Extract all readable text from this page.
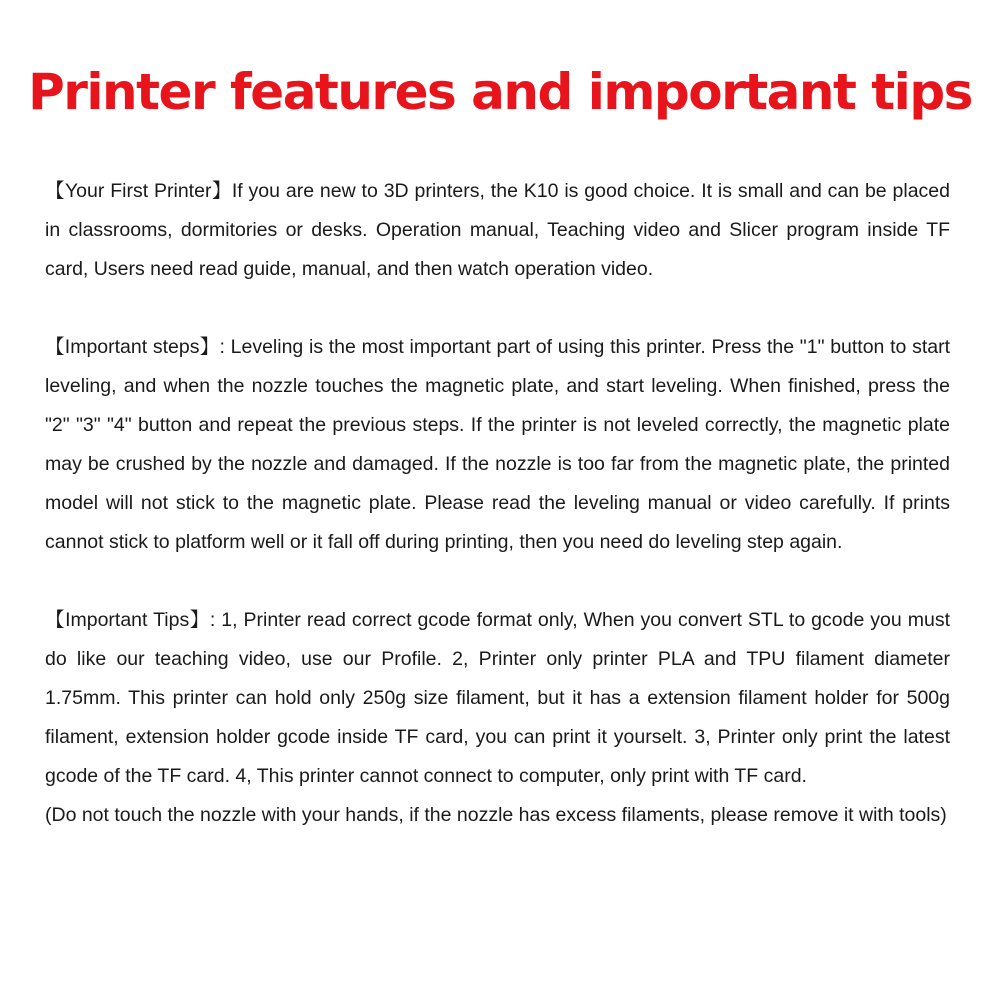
Printer features and important tips

【Your First Printer】If you are new to 3D printers, the K10 is good choice. It is small and can be placed in classrooms, dormitories or desks. Operation manual, Teaching video and Slicer program inside TF card, Users need read guide, manual, and then watch operation video.

【Important steps】: Leveling is the most important part of using this printer. Press the "1" button to start leveling, and when the nozzle touches the magnetic plate, and start leveling. When finished, press the "2" "3" "4" button and repeat the previous steps. If the printer is not leveled correctly, the magnetic plate may be crushed by the nozzle and damaged. If the nozzle is too far from the magnetic plate, the printed model will not stick to the magnetic plate. Please read the leveling manual or video carefully. If prints cannot stick to platform well or it fall off during printing, then you need do leveling step again.

【Important Tips】: 1, Printer read correct gcode format only, When you convert STL to gcode you must do like our teaching video, use our Profile. 2, Printer only printer PLA and TPU filament diameter 1.75mm. This printer can hold only 250g size filament, but it has a extension filament holder for 500g filament, extension holder gcode inside TF card, you can print it yourselt. 3, Printer only print the latest gcode of the TF card. 4, This printer cannot connect to computer, only print with TF card.

(Do not touch the nozzle with your hands, if the nozzle has excess filaments, please remove it with tools)
